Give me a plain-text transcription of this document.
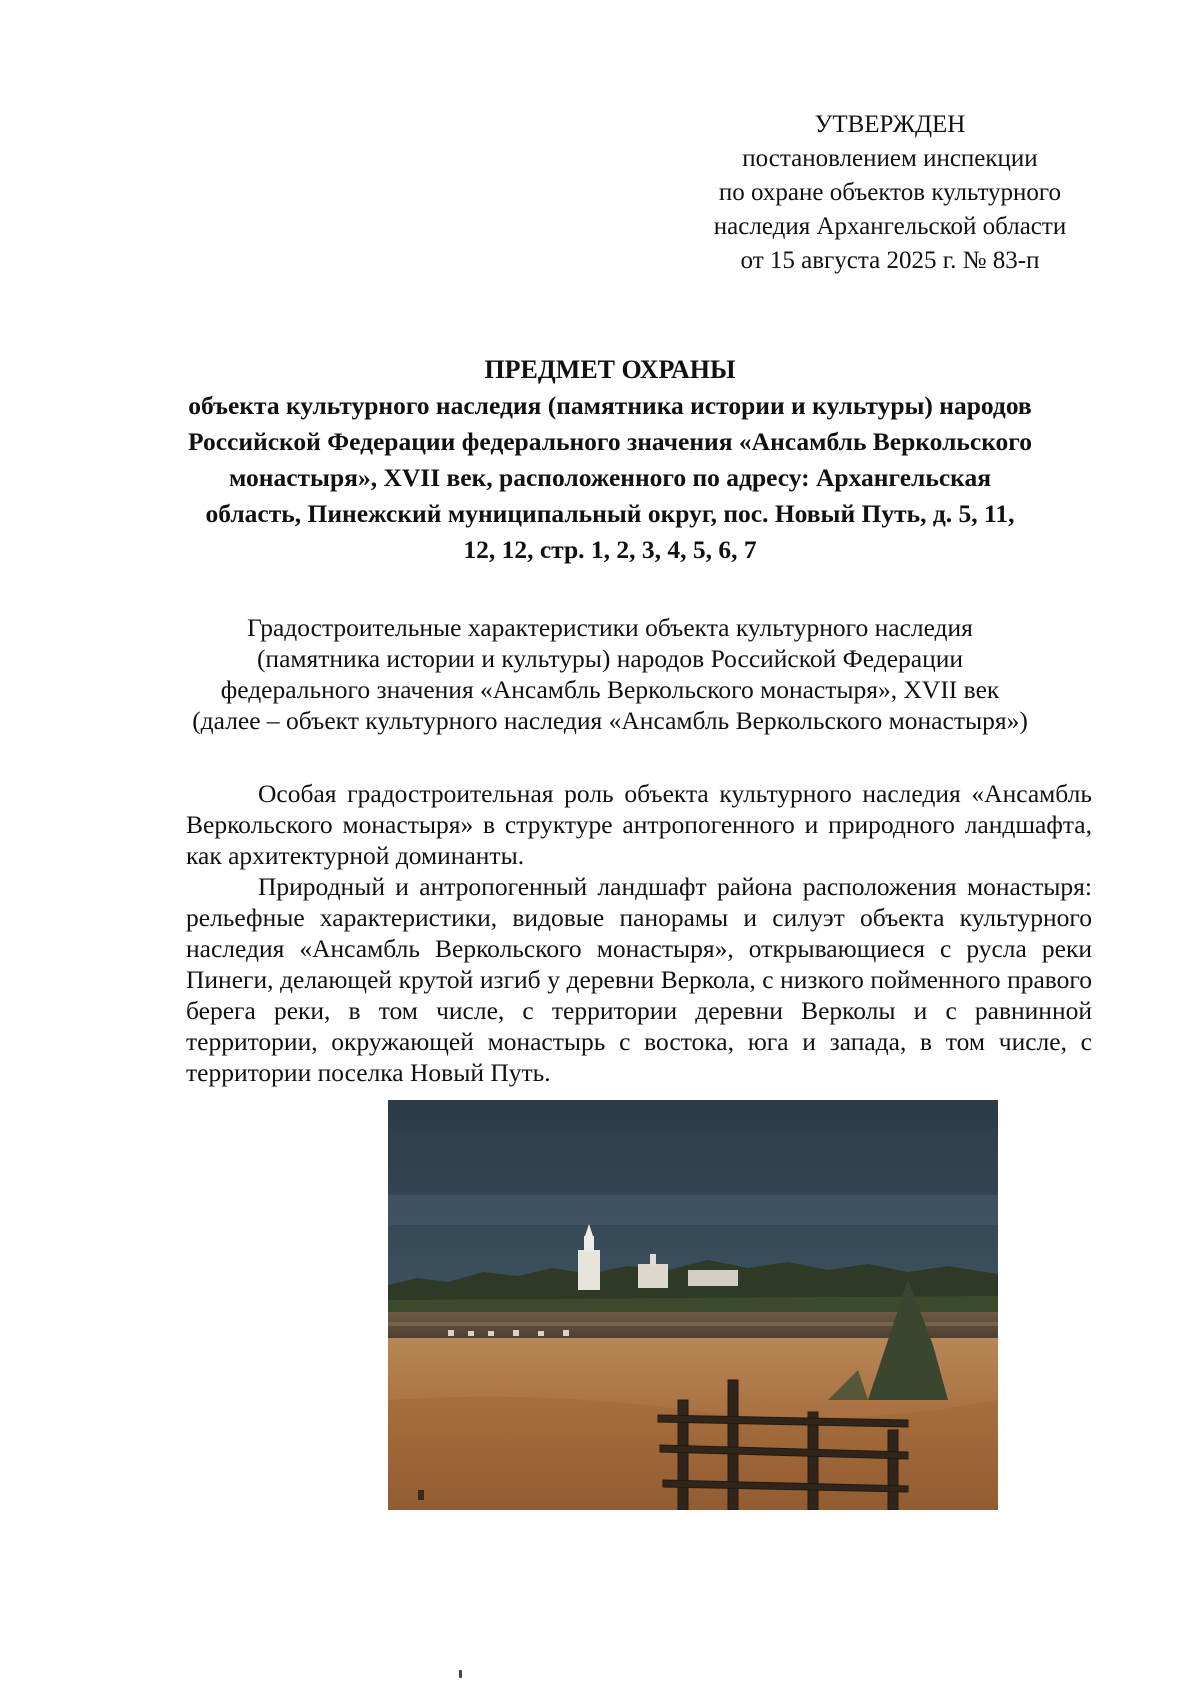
УТВЕРЖДЕН
постановлением инспекции
по охране объектов культурного
наследия Архангельской области
от 15 августа 2025 г. № 83-п
ПРЕДМЕТ ОХРАНЫ
объекта культурного наследия (памятника истории и культуры) народов
Российской Федерации федерального значения «Ансамбль Веркольского
монастыря», XVII век, расположенного по адресу: Архангельская
область, Пинежский муниципальный округ, пос. Новый Путь, д. 5, 11,
12, 12, стр. 1, 2, 3, 4, 5, 6, 7
Градостроительные характеристики объекта культурного наследия
(памятника истории и культуры) народов Российской Федерации
федерального значения «Ансамбль Веркольского монастыря», XVII век
(далее – объект культурного наследия «Ансамбль Веркольского монастыря»)

Особая градостроительная роль объекта культурного наследия «Ансамбль Веркольского монастыря» в структуре антропогенного и природного ландшафта, как архитектурной доминанты.

Природный и антропогенный ландшафт района расположения монастыря: рельефные характеристики, видовые панорамы и силуэт объекта культурного наследия «Ансамбль Веркольского монастыря», открывающиеся с русла реки Пинеги, делающей крутой изгиб у деревни Веркола, с низкого пойменного правого берега реки, в том числе, с территории деревни Верколы и с равнинной территории, окружающей монастырь с востока, юга и запада, в том числе, с территории поселка Новый Путь.
